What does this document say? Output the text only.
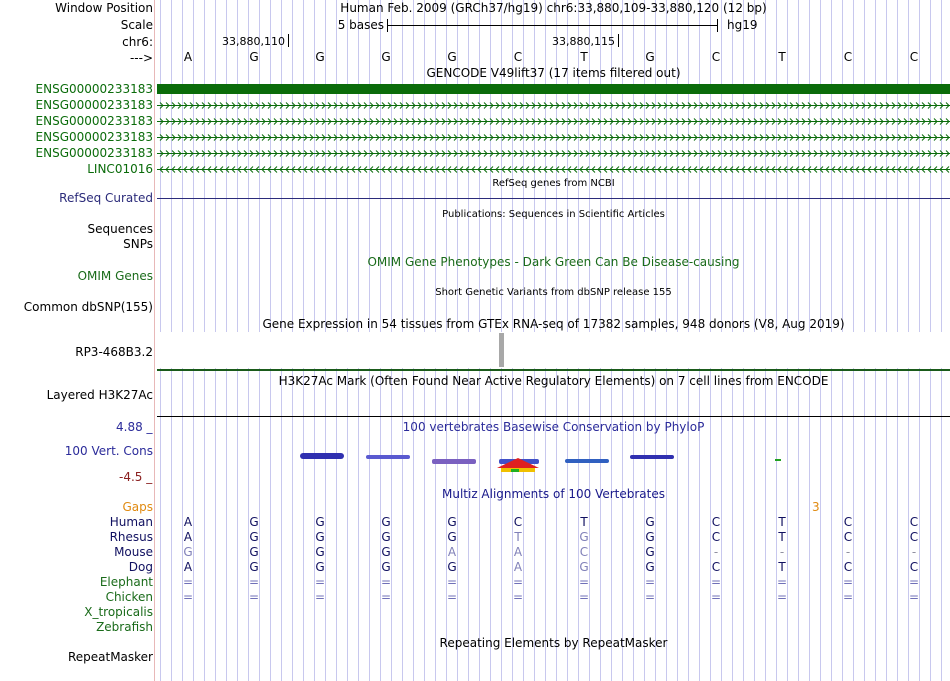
Window Position	Human Feb. 2009 (GRCh37/hg19) chr6:33,880,109-33,880,120 (12 bp)
Scale	5 bases	hg19
chr6:	33,880,110	33,880,115
--->	A	G	G	G	G	C	T	G	C	T	C	C
GENCODE V49lift37 (17 items filtered out)
ENSG00000233183
ENSG00000233183
ENSG00000233183
ENSG00000233183
ENSG00000233183
LINC01016
RefSeq genes from NCBI
RefSeq Curated
Publications: Sequences in Scientific Articles
Sequences
SNPs
OMIM Gene Phenotypes - Dark Green Can Be Disease-causing
OMIM Genes
Short Genetic Variants from dbSNP release 155
Common dbSNP(155)
Gene Expression in 54 tissues from GTEx RNA-seq of 17382 samples, 948 donors (V8, Aug 2019)
RP3-468B3.2
H3K27Ac Mark (Often Found Near Active Regulatory Elements) on 7 cell lines from ENCODE
Layered H3K27Ac
100 vertebrates Basewise Conservation by PhyloP
4.88 _
100 Vert. Cons
-4.5 _
Multiz Alignments of 100 Vertebrates
Gaps	3
Human	A	G	G	G	G	C	T	G	C	T	C	C
Rhesus	A	G	G	G	G	T	G	G	C	T	C	C
Mouse	G	G	G	G	A	A	C	G	-	-	-	-
Dog	A	G	G	G	G	A	G	G	C	T	C	C
Elephant	=	=	=	=	=	=	=	=	=	=	=	=
Chicken	=	=	=	=	=	=	=	=	=	=	=	=
X_tropicalis
Zebrafish
Repeating Elements by RepeatMasker
RepeatMasker
